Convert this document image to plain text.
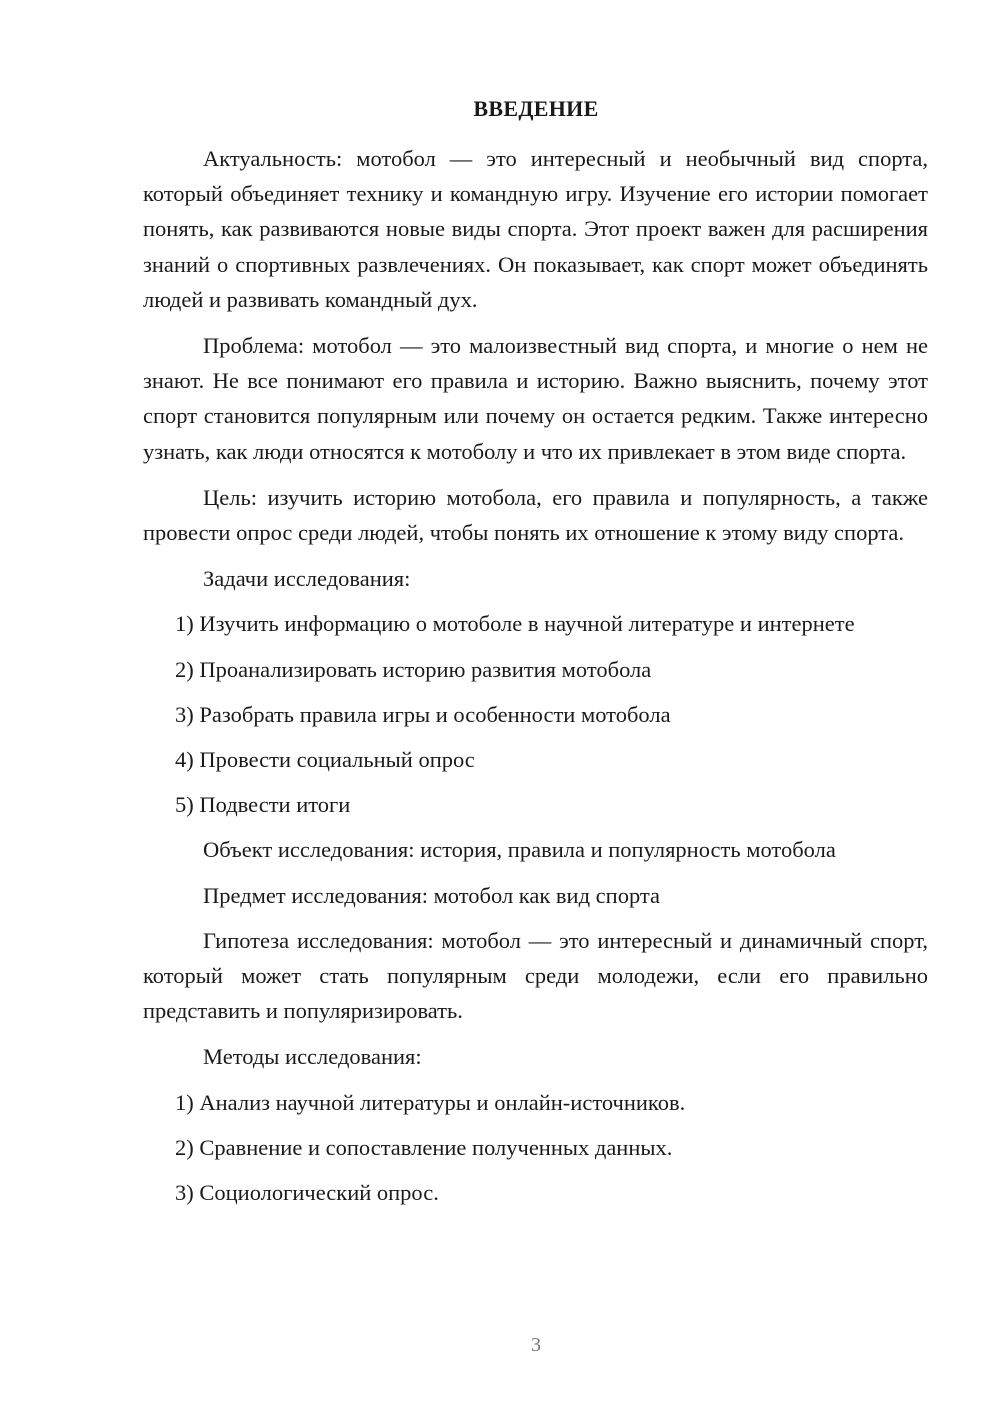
ВВЕДЕНИЕ

Актуальность: мотобол — это интересный и необычный вид спорта, который объединяет технику и командную игру. Изучение его истории помогает понять, как развиваются новые виды спорта. Этот проект важен для расширения знаний о спортивных развлечениях. Он показывает, как спорт может объединять людей и развивать командный дух.

Проблема: мотобол — это малоизвестный вид спорта, и многие о нем не знают. Не все понимают его правила и историю. Важно выяснить, почему этот спорт становится популярным или почему он остается редким. Также интересно узнать, как люди относятся к мотоболу и что их привлекает в этом виде спорта.

Цель: изучить историю мотобола, его правила и популярность, а также провести опрос среди людей, чтобы понять их отношение к этому виду спорта.

Задачи исследования:

1) Изучить информацию о мотоболе в научной литературе и интернете

2) Проанализировать историю развития мотобола

3) Разобрать правила игры и особенности мотобола

4) Провести социальный опрос

5) Подвести итоги

Объект исследования: история, правила и популярность мотобола

Предмет исследования: мотобол как вид спорта

Гипотеза исследования: мотобол — это интересный и динамичный спорт, который может стать популярным среди молодежи, если его правильно представить и популяризировать.

Методы исследования:

1) Анализ научной литературы и онлайн-источников.

2) Сравнение и сопоставление полученных данных.

3) Социологический опрос.

3
